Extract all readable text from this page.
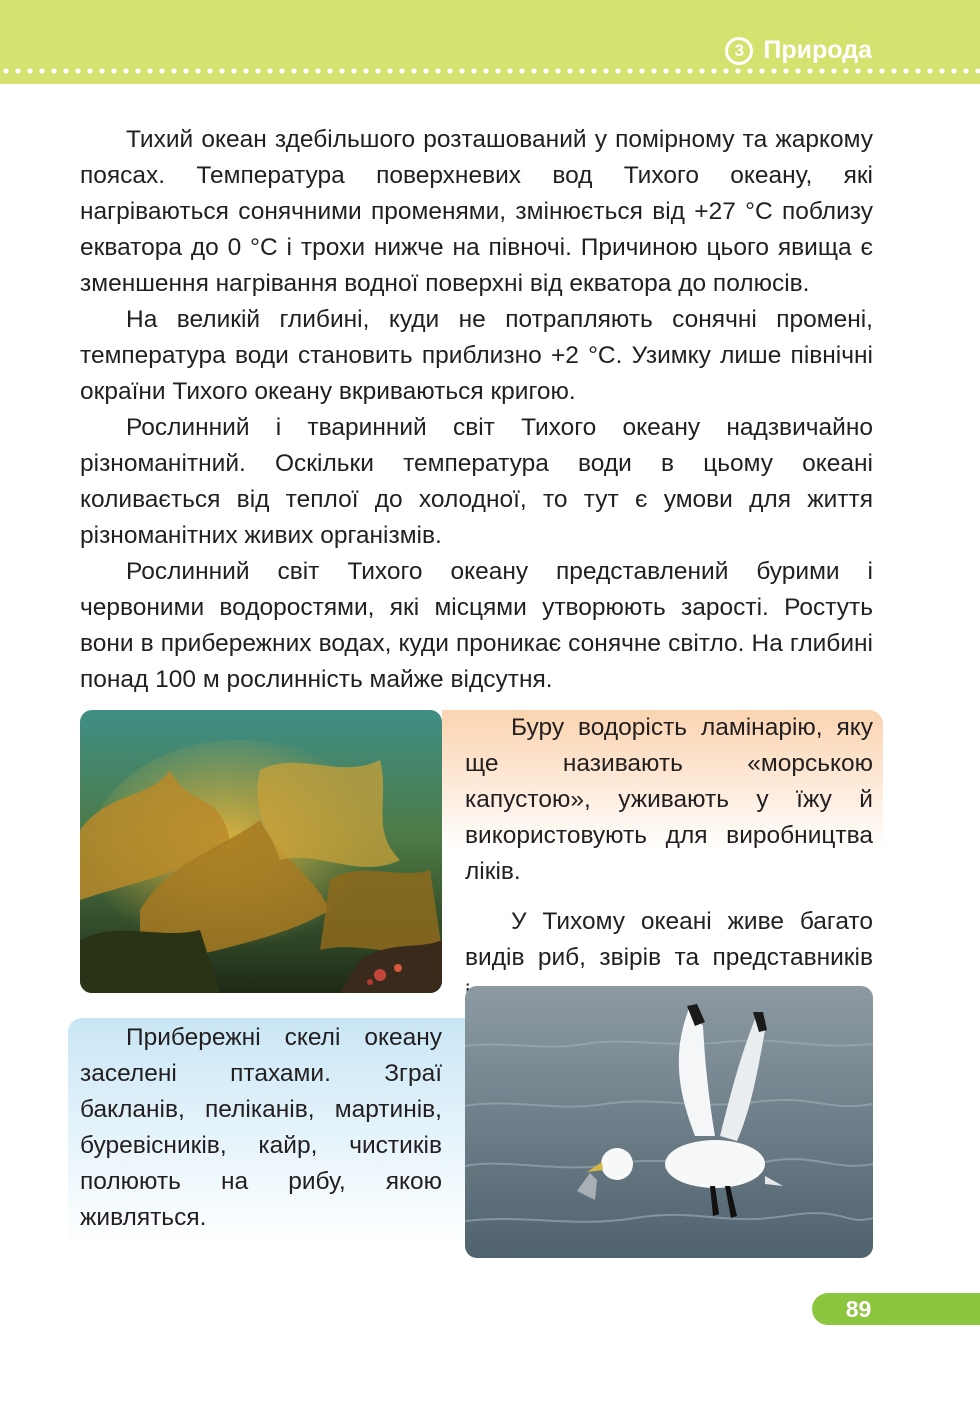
3 Природа

Тихий океан здебільшого розташований у помірному та жаркому поясах. Температура поверхневих вод Тихого океану, які нагріваються сонячними променями, змінюється від +27 °С поблизу екватора до 0 °С і трохи нижче на півночі. Причиною цього явища є зменшення нагрівання водної поверхні від екватора до полюсів.

На великій глибині, куди не потрапляють сонячні промені, температура води становить приблизно +2 °С. Узимку лише північні окраїни Тихого океану вкриваються кригою.

Рослинний і тваринний світ Тихого океану надзвичайно різноманітний. Оскільки температура води в цьому океані коливається від теплої до холодної, то тут є умови для життя різноманітних живих організмів.

Рослинний світ Тихого океану представлений бурими і червоними водоростями, які місцями утворюють зарості. Ростуть вони в прибережних водах, куди проникає сонячне світло. На глибині понад 100 м рослинність майже відсутня.

Буру водорість ламінарію, яку ще називають «морською капустою», уживають у їжу й використовують для виробництва ліків.

У Тихому океані живе багато видів риб, звірів та представників

Прибережні скелі океану заселені птахами. Зграї бакланів, пеліканів, мартинів, буревісників, кайр, чистиків полюють на рибу, якою живляться.

89
